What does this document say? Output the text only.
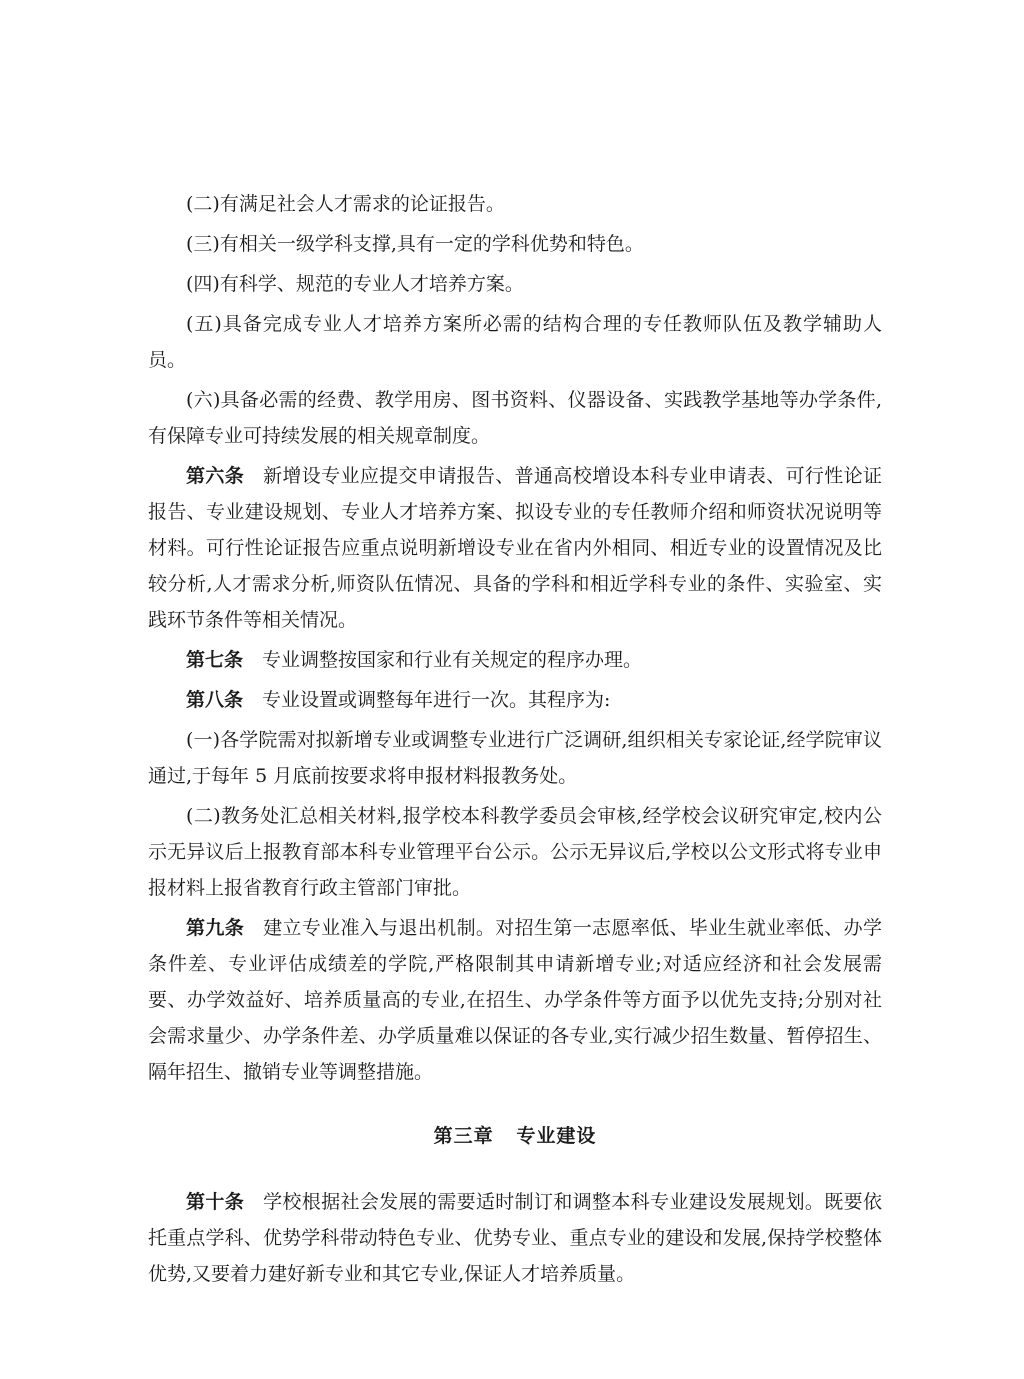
(二)有满足社会人才需求的论证报告。

(三)有相关一级学科支撑,具有一定的学科优势和特色。

(四)有科学、规范的专业人才培养方案。

(五)具备完成专业人才培养方案所必需的结构合理的专任教师队伍及教学辅助人员。

(六)具备必需的经费、教学用房、图书资料、仪器设备、实践教学基地等办学条件,有保障专业可持续发展的相关规章制度。

第六条 新增设专业应提交申请报告、普通高校增设本科专业申请表、可行性论证报告、专业建设规划、专业人才培养方案、拟设专业的专任教师介绍和师资状况说明等材料。可行性论证报告应重点说明新增设专业在省内外相同、相近专业的设置情况及比较分析,人才需求分析,师资队伍情况、具备的学科和相近学科专业的条件、实验室、实践环节条件等相关情况。

第七条 专业调整按国家和行业有关规定的程序办理。

第八条 专业设置或调整每年进行一次。其程序为:

(一)各学院需对拟新增专业或调整专业进行广泛调研,组织相关专家论证,经学院审议通过,于每年 5 月底前按要求将申报材料报教务处。

(二)教务处汇总相关材料,报学校本科教学委员会审核,经学校会议研究审定,校内公示无异议后上报教育部本科专业管理平台公示。公示无异议后,学校以公文形式将专业申报材料上报省教育行政主管部门审批。

第九条 建立专业准入与退出机制。对招生第一志愿率低、毕业生就业率低、办学条件差、专业评估成绩差的学院,严格限制其申请新增专业;对适应经济和社会发展需要、办学效益好、培养质量高的专业,在招生、办学条件等方面予以优先支持;分别对社会需求量少、办学条件差、办学质量难以保证的各专业,实行减少招生数量、暂停招生、隔年招生、撤销专业等调整措施。

第三章 专业建设

第十条 学校根据社会发展的需要适时制订和调整本科专业建设发展规划。既要依托重点学科、优势学科带动特色专业、优势专业、重点专业的建设和发展,保持学校整体优势,又要着力建好新专业和其它专业,保证人才培养质量。
